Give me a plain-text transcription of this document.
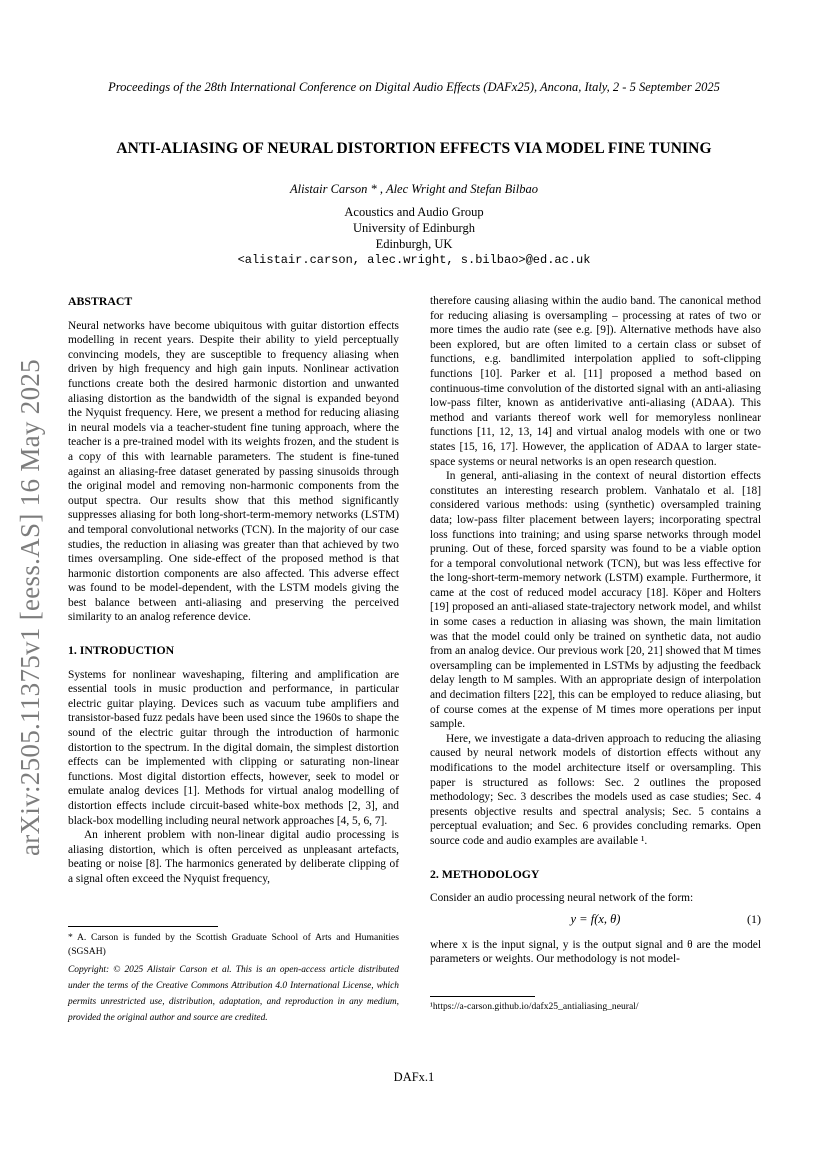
Proceedings of the 28th International Conference on Digital Audio Effects (DAFx25), Ancona, Italy, 2 - 5 September 2025
arXiv:2505.11375v1 [eess.AS] 16 May 2025
ANTI-ALIASING OF NEURAL DISTORTION EFFECTS VIA MODEL FINE TUNING
Alistair Carson * , Alec Wright and Stefan Bilbao
Acoustics and Audio Group
University of Edinburgh
Edinburgh, UK
<alistair.carson, alec.wright, s.bilbao>@ed.ac.uk

ABSTRACT

Neural networks have become ubiquitous with guitar distortion effects modelling in recent years. Despite their ability to yield perceptually convincing models, they are susceptible to frequency aliasing when driven by high frequency and high gain inputs. Nonlinear activation functions create both the desired harmonic distortion and unwanted aliasing distortion as the bandwidth of the signal is expanded beyond the Nyquist frequency. Here, we present a method for reducing aliasing in neural models via a teacher-student fine tuning approach, where the teacher is a pre-trained model with its weights frozen, and the student is a copy of this with learnable parameters. The student is fine-tuned against an aliasing-free dataset generated by passing sinusoids through the original model and removing non-harmonic components from the output spectra. Our results show that this method significantly suppresses aliasing for both long-short-term-memory networks (LSTM) and temporal convolutional networks (TCN). In the majority of our case studies, the reduction in aliasing was greater than that achieved by two times oversampling. One side-effect of the proposed method is that harmonic distortion components are also affected. This adverse effect was found to be model-dependent, with the LSTM models giving the best balance between anti-aliasing and preserving the perceived similarity to an analog reference device.

1. INTRODUCTION

Systems for nonlinear waveshaping, filtering and amplification are essential tools in music production and performance, in particular electric guitar playing. Devices such as vacuum tube amplifiers and transistor-based fuzz pedals have been used since the 1960s to shape the sound of the electric guitar through the introduction of harmonic distortion to the spectrum. In the digital domain, the simplest distortion effects can be implemented with clipping or saturating non-linear functions. Most digital distortion effects, however, seek to model or emulate analog devices [1]. Methods for virtual analog modelling of distortion effects include circuit-based white-box methods [2, 3], and black-box modelling including neural network approaches [4, 5, 6, 7].

An inherent problem with non-linear digital audio processing is aliasing distortion, which is often perceived as unpleasant artefacts, beating or noise [8]. The harmonics generated by deliberate clipping of a signal often exceed the Nyquist frequency,

* A. Carson is funded by the Scottish Graduate School of Arts and Humanities (SGSAH)

Copyright: © 2025 Alistair Carson et al. This is an open-access article distributed under the terms of the Creative Commons Attribution 4.0 International License, which permits unrestricted use, distribution, adaptation, and reproduction in any medium, provided the original author and source are credited.

therefore causing aliasing within the audio band. The canonical method for reducing aliasing is oversampling – processing at rates of two or more times the audio rate (see e.g. [9]). Alternative methods have also been explored, but are often limited to a certain class or subset of functions, e.g. bandlimited interpolation applied to soft-clipping functions [10]. Parker et al. [11] proposed a method based on continuous-time convolution of the distorted signal with an anti-aliasing low-pass filter, known as antiderivative anti-aliasing (ADAA). This method and variants thereof work well for memoryless nonlinear functions [11, 12, 13, 14] and virtual analog models with one or two states [15, 16, 17]. However, the application of ADAA to larger state-space systems or neural networks is an open research question.

In general, anti-aliasing in the context of neural distortion effects constitutes an interesting research problem. Vanhatalo et al. [18] considered various methods: using (synthetic) oversampled training data; low-pass filter placement between layers; incorporating spectral loss functions into training; and using sparse networks through model pruning. Out of these, forced sparsity was found to be a viable option for a temporal convolutional network (TCN), but was less effective for the long-short-term-memory network (LSTM) example. Furthermore, it came at the cost of reduced model accuracy [18]. Köper and Holters [19] proposed an anti-aliased state-trajectory network model, and whilst in some cases a reduction in aliasing was shown, the main limitation was that the model could only be trained on synthetic data, not audio from an analog device. Our previous work [20, 21] showed that M times oversampling can be implemented in LSTMs by adjusting the feedback delay length to M samples. With an appropriate design of interpolation and decimation filters [22], this can be employed to reduce aliasing, but of course comes at the expense of M times more operations per input sample.

Here, we investigate a data-driven approach to reducing the aliasing caused by neural network models of distortion effects without any modifications to the model architecture itself or oversampling. This paper is structured as follows: Sec. 2 outlines the proposed methodology; Sec. 3 describes the models used as case studies; Sec. 4 presents objective results and spectral analysis; Sec. 5 contains a perceptual evaluation; and Sec. 6 provides concluding remarks. Open source code and audio examples are available ¹.

2. METHODOLOGY

Consider an audio processing neural network of the form:

y = f(x, θ)	(1)

where x is the input signal, y is the output signal and θ are the model parameters or weights. Our methodology is not model-

¹https://a-carson.github.io/dafx25_antialiasing_neural/
DAFx.1
